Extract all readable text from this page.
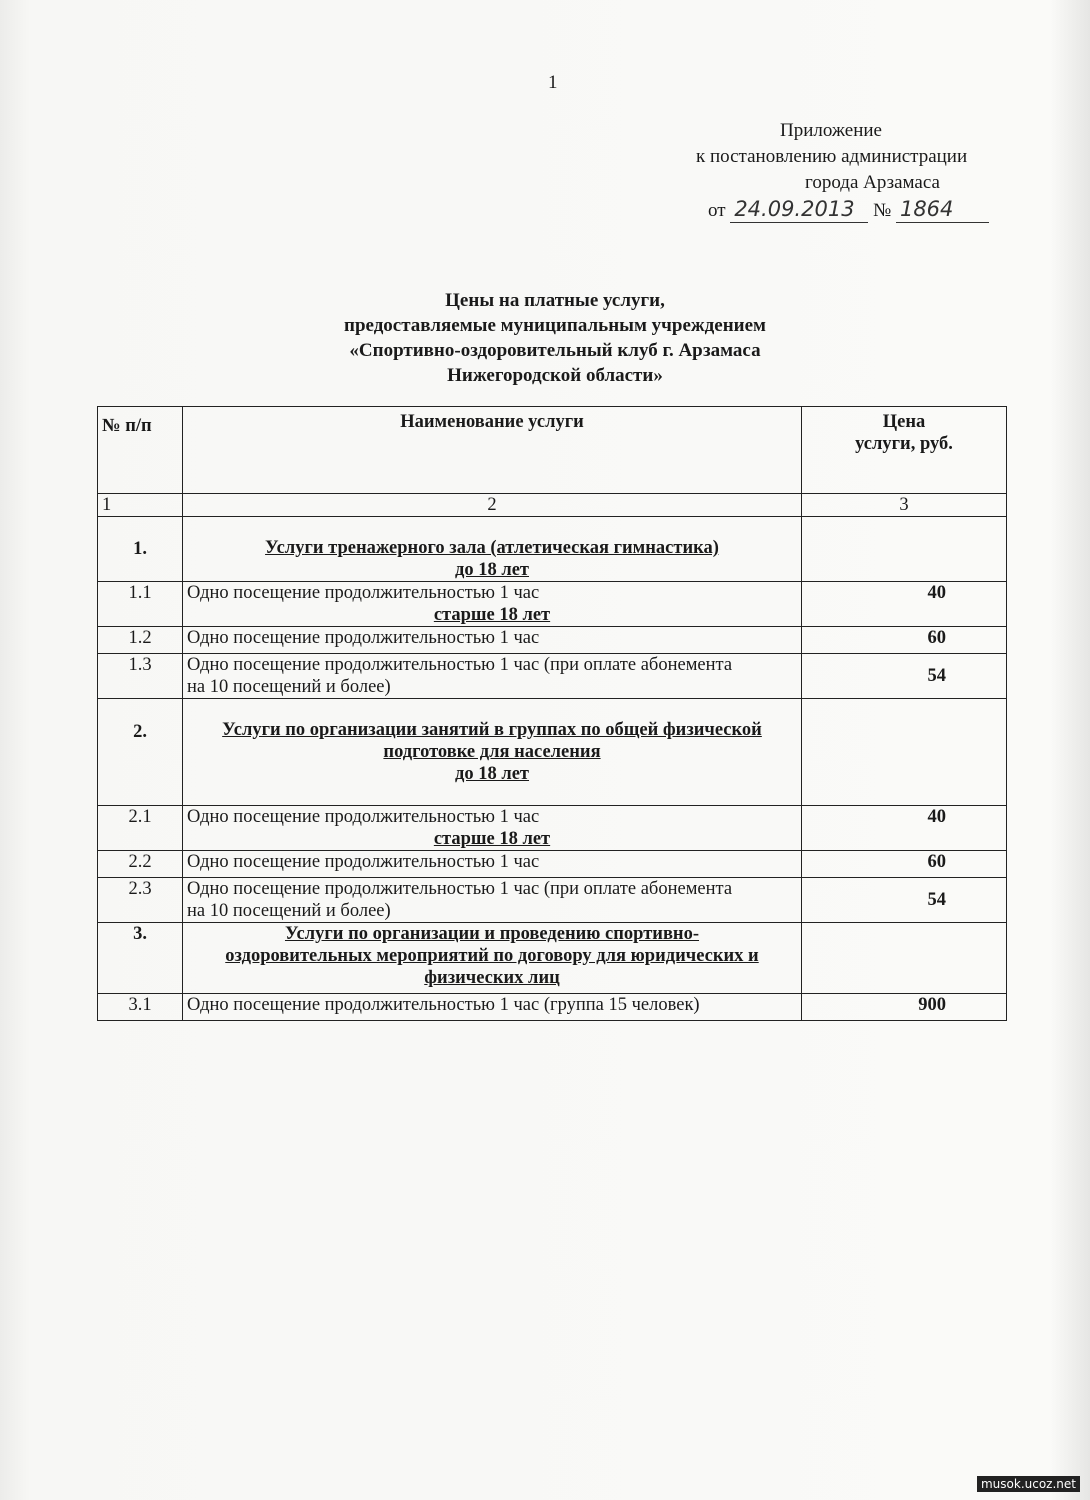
1
Приложение
к постановлению администрации
города Арзамаса
от 24.09.2013 № 1864
Цены на платные услуги,
предоставляемые муниципальным учреждением
«Спортивно-оздоровительный клуб г. Арзамаса
Нижегородской области»
№ п/п	Наименование услуги	Цена
услуги, руб.

1	2	3
1.	Услуги тренажерного зала (атлетическая гимнастика)
до 18 лет	

1.1	Одно посещение продолжительностью 1 час
старше 18 лет	40
1.2	Одно посещение продолжительностью 1 час	60
1.3	Одно посещение продолжительностью 1 час (при оплате абонемента
на 10 посещений и более)	54
2.	Услуги по организации занятий в группах по общей физической
подготовке для населения
до 18 лет	

2.1	Одно посещение продолжительностью 1 час
старше 18 лет	40
2.2	Одно посещение продолжительностью 1 час	60
2.3	Одно посещение продолжительностью 1 час (при оплате абонемента
на 10 посещений и более)	54
3.	Услуги по организации и проведению спортивно-
оздоровительных мероприятий по договору для юридических и
физических лиц	

3.1	Одно посещение продолжительностью 1 час (группа 15 человек)	900
musok.ucoz.net
